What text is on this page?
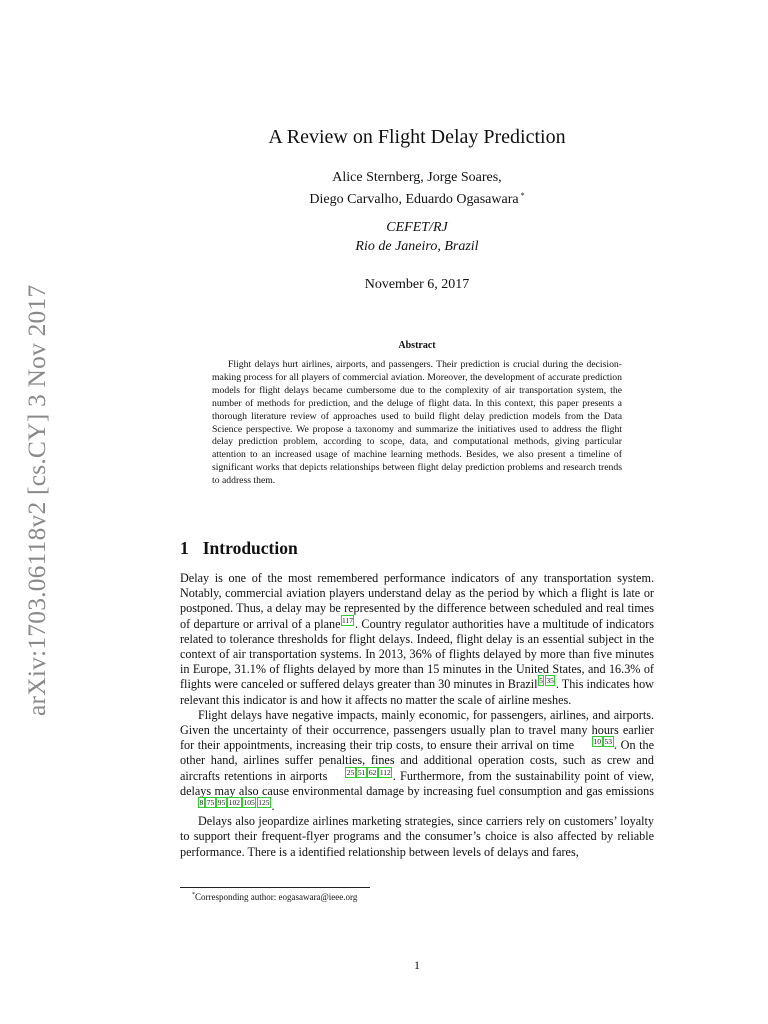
arXiv:1703.06118v2 [cs.CY] 3 Nov 2017
A Review on Flight Delay Prediction
Alice Sternberg, Jorge Soares,
Diego Carvalho, Eduardo Ogasawara *
CEFET/RJ
Rio de Janeiro, Brazil
November 6, 2017
Abstract

Flight delays hurt airlines, airports, and passengers. Their prediction is crucial during the decision-making process for all players of commercial aviation. Moreover, the development of accurate prediction models for flight delays became cumbersome due to the complexity of air transportation system, the number of methods for prediction, and the deluge of flight data. In this context, this paper presents a thorough literature review of approaches used to build flight delay prediction models from the Data Science perspective. We propose a taxonomy and summarize the initiatives used to address the flight delay prediction problem, according to scope, data, and computational methods, giving particular attention to an increased usage of machine learning methods. Besides, we also present a timeline of significant works that depicts relationships between flight delay prediction problems and research trends to address them.

1 Introduction

Delay is one of the most remembered performance indicators of any transportation system. Notably, commercial aviation players understand delay as the period by which a flight is late or postponed. Thus, a delay may be represented by the difference between scheduled and real times of departure or arrival of a plane 117 . Country regulator authorities have a multitude of indicators related to tolerance thresholds for flight delays. Indeed, flight delay is an essential subject in the context of air transportation systems. In 2013, 36% of flights delayed by more than five minutes in Europe, 31.1% of flights delayed by more than 15 minutes in the United States, and 16.3% of flights were canceled or suffered delays greater than 30 minutes in Brazil 5 35 . This indicates how relevant this indicator is and how it affects no matter the scale of airline meshes.

Flight delays have negative impacts, mainly economic, for passengers, airlines, and airports. Given the uncertainty of their occurrence, passengers usually plan to travel many hours earlier for their appointments, increasing their trip costs, to ensure their arrival on time	10 53 . On the other hand, airlines suffer penalties, fines and additional operation costs, such as crew and aircrafts retentions in airports	25 51 62 112 . Furthermore, from the sustainability point of view, delays may also cause environmental damage by increasing fuel consumption and gas emissions8 75 95 102 105 125 .

Delays also jeopardize airlines marketing strategies, since carriers rely on customers’ loyalty to support their frequent-flyer programs and the consumer’s choice is also affected by reliable performance. There is a identified relationship between levels of delays and fares,

*Corresponding author: eogasawara@ieee.org
1
